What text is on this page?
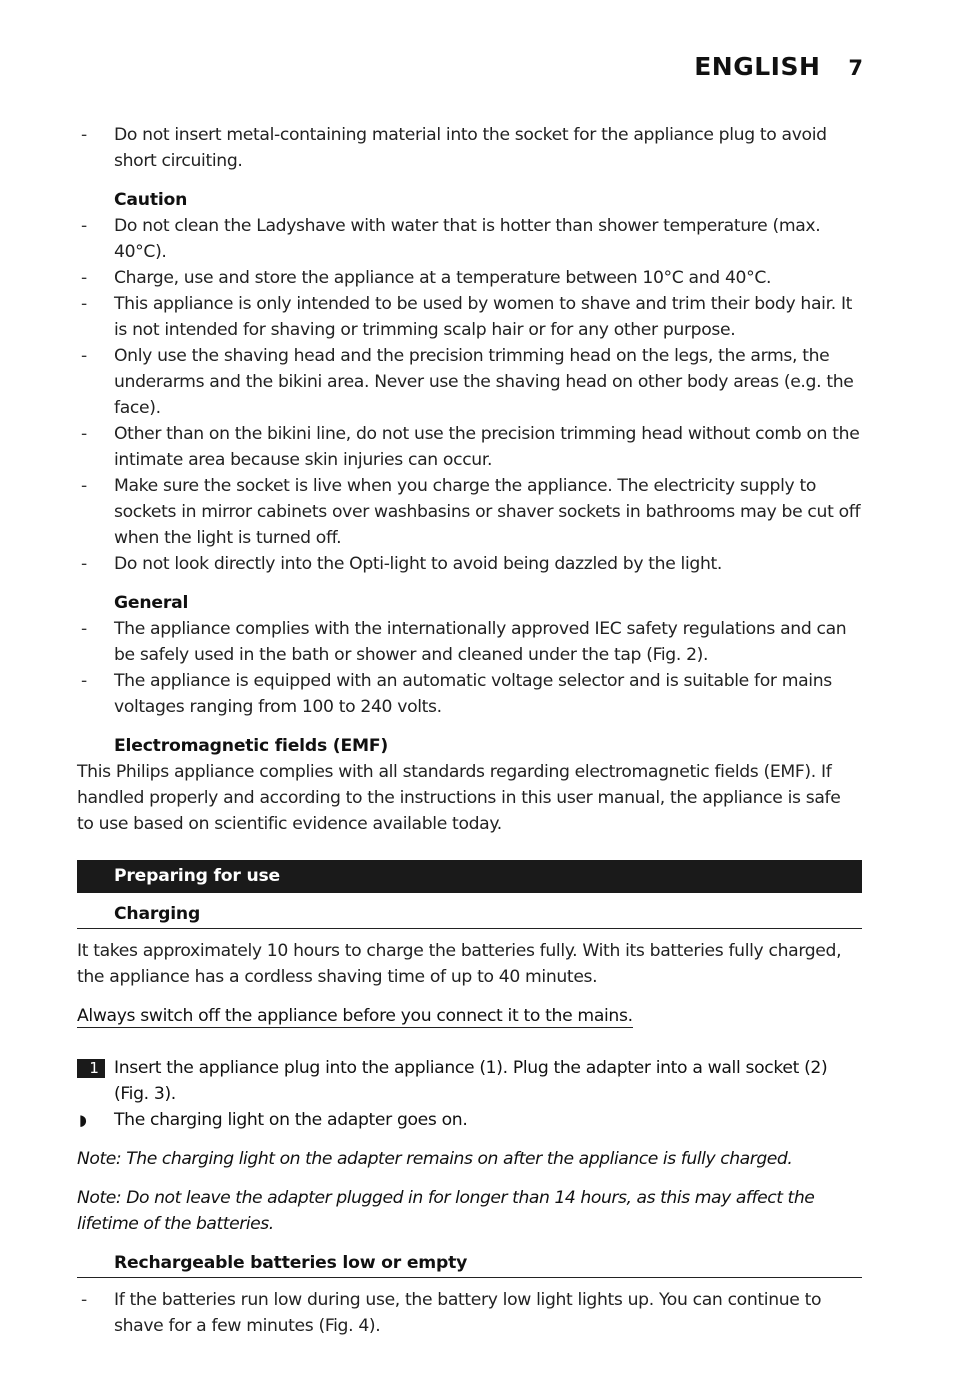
ENGLISH 7
- Do not insert metal-containing material into the socket for the appliance plug to avoid short circuiting.
Caution
- Do not clean the Ladyshave with water that is hotter than shower temperature (max. 40°C).
- Charge, use and store the appliance at a temperature between 10°C and 40°C.
- This appliance is only intended to be used by women to shave and trim their body hair. It is not intended for shaving or trimming scalp hair or for any other purpose.
- Only use the shaving head and the precision trimming head on the legs, the arms, the underarms and the bikini area. Never use the shaving head on other body areas (e.g. the face).
- Other than on the bikini line, do not use the precision trimming head without comb on the intimate area because skin injuries can occur.
- Make sure the socket is live when you charge the appliance. The electricity supply to sockets in mirror cabinets over washbasins or shaver sockets in bathrooms may be cut off when the light is turned off.
- Do not look directly into the Opti-light to avoid being dazzled by the light.
General
- The appliance complies with the internationally approved IEC safety regulations and can be safely used in the bath or shower and cleaned under the tap (Fig. 2).
- The appliance is equipped with an automatic voltage selector and is suitable for mains voltages ranging from 100 to 240 volts.
Electromagnetic fields (EMF)
This Philips appliance complies with all standards regarding electromagnetic fields (EMF). If handled properly and according to the instructions in this user manual, the appliance is safe to use based on scientific evidence available today.
Preparing for use
Charging
It takes approximately 10 hours to charge the batteries fully. With its batteries fully charged, the appliance has a cordless shaving time of up to 40 minutes.
Always switch off the appliance before you connect it to the mains.
1 Insert the appliance plug into the appliance (1). Plug the adapter into a wall socket (2) (Fig. 3).
◗ The charging light on the adapter goes on.
Note: The charging light on the adapter remains on after the appliance is fully charged.
Note: Do not leave the adapter plugged in for longer than 14 hours, as this may affect the lifetime of the batteries.
Rechargeable batteries low or empty
- If the batteries run low during use, the battery low light lights up. You can continue to shave for a few minutes (Fig. 4).
